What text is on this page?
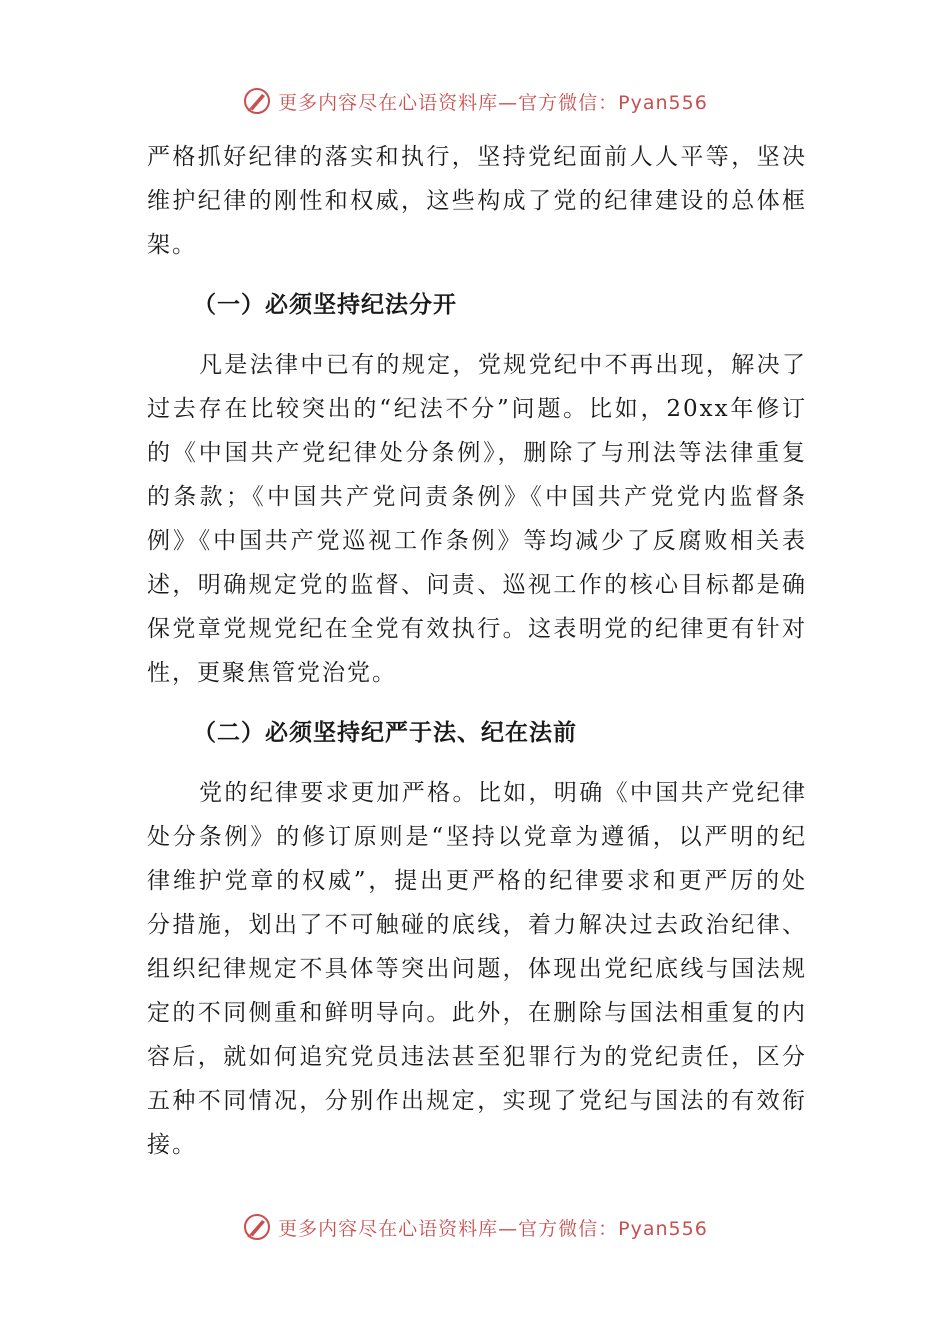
更多内容尽在心语资料库—官方微信：Pyan556

严格抓好纪律的落实和执行，坚持党纪面前人人平等，坚决维护纪律的刚性和权威，这些构成了党的纪律建设的总体框架。

（一）必须坚持纪法分开

凡是法律中已有的规定，党规党纪中不再出现，解决了过去存在比较突出的“纪法不分”问题。比如，20xx年修订的《中国共产党纪律处分条例》，删除了与刑法等法律重复的条款；《中国共产党问责条例》《中国共产党党内监督条例》《中国共产党巡视工作条例》等均减少了反腐败相关表述，明确规定党的监督、问责、巡视工作的核心目标都是确保党章党规党纪在全党有效执行。这表明党的纪律更有针对性，更聚焦管党治党。

（二）必须坚持纪严于法、纪在法前

党的纪律要求更加严格。比如，明确《中国共产党纪律处分条例》的修订原则是“坚持以党章为遵循，以严明的纪律维护党章的权威”，提出更严格的纪律要求和更严厉的处分措施，划出了不可触碰的底线，着力解决过去政治纪律、组织纪律规定不具体等突出问题，体现出党纪底线与国法规定的不同侧重和鲜明导向。此外，在删除与国法相重复的内容后，就如何追究党员违法甚至犯罪行为的党纪责任，区分五种不同情况，分别作出规定，实现了党纪与国法的有效衔接。

更多内容尽在心语资料库—官方微信：Pyan556
